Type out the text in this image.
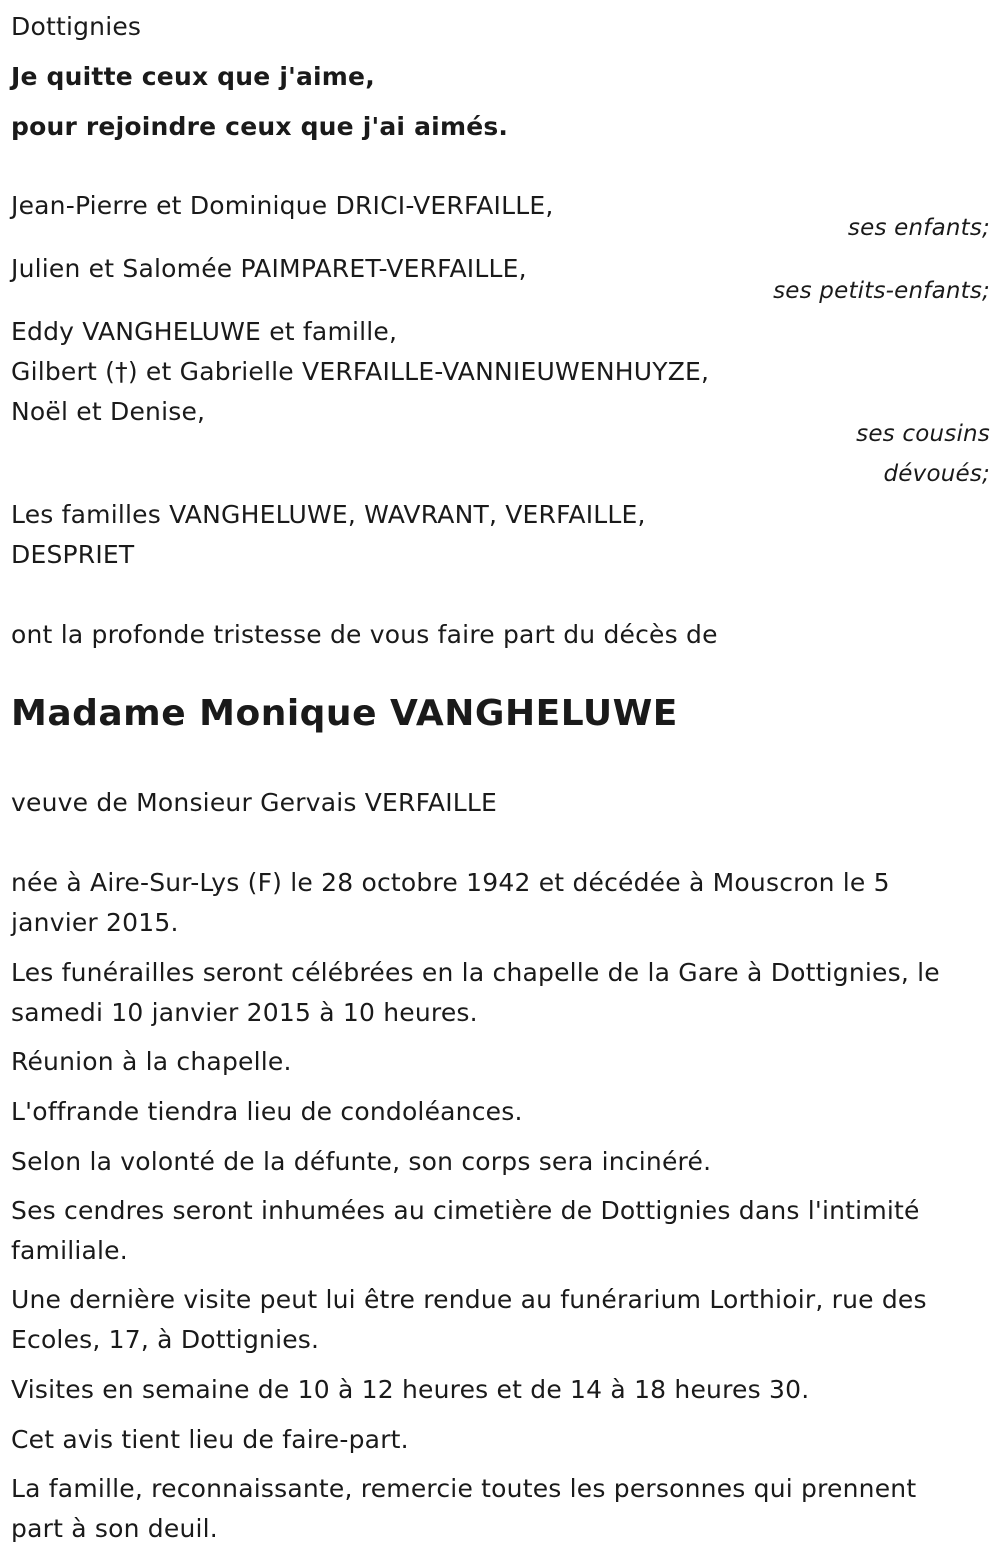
Dottignies
Je quitte ceux que j'aime,
pour rejoindre ceux que j'ai aimés.
Jean-Pierre et Dominique DRICI-VERFAILLE,
ses enfants;
Julien et Salomée PAIMPARET-VERFAILLE,
ses petits-enfants;
Eddy VANGHELUWE et famille,
Gilbert (†) et Gabrielle VERFAILLE-VANNIEUWENHUYZE,
Noël et Denise,
ses cousins
dévoués;
Les familles VANGHELUWE, WAVRANT, VERFAILLE,
DESPRIET
ont la profonde tristesse de vous faire part du décès de
Madame Monique VANGHELUWE
veuve de Monsieur Gervais VERFAILLE
née à Aire-Sur-Lys (F) le 28 octobre 1942 et décédée à Mouscron le 5
janvier 2015.
Les funérailles seront célébrées en la chapelle de la Gare à Dottignies, le
samedi 10 janvier 2015 à 10 heures.
Réunion à la chapelle.
L'offrande tiendra lieu de condoléances.
Selon la volonté de la défunte, son corps sera incinéré.
Ses cendres seront inhumées au cimetière de Dottignies dans l'intimité
familiale.
Une dernière visite peut lui être rendue au funérarium Lorthioir, rue des
Ecoles, 17, à Dottignies.
Visites en semaine de 10 à 12 heures et de 14 à 18 heures 30.
Cet avis tient lieu de faire-part.
La famille, reconnaissante, remercie toutes les personnes qui prennent
part à son deuil.
